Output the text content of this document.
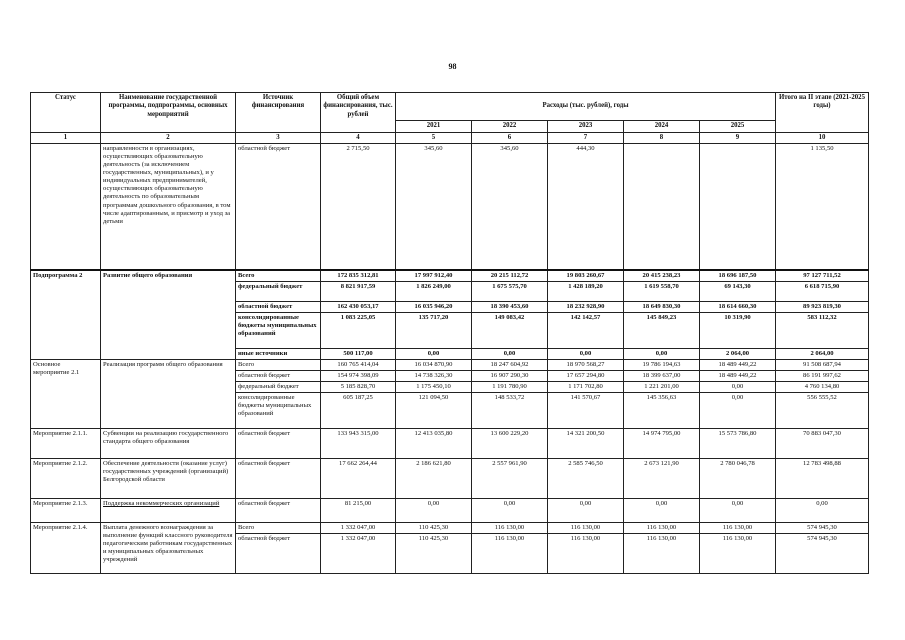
98
Статус	Наименование государственной программы, подпрограммы, основных мероприятий	Источник финансирования	Общий объем финансирования, тыс. рублей	Расходы (тыс. рублей), годы					Итого на II этапе (2021-2025 годы)
				2021	2022	2023	2024	2025	
1	2	3	4	5	6	7	8	9	10
	направленности в организациях, осуществляющих образовательную деятельность (за исключением государственных, муниципальных), и у индивидуальных предпринимателей, осуществляющих образовательную деятельность по образовательным программам дошкольного образования, в том числе адаптированным, и присмотр и уход за детьми	областной бюджет	2 715,50	345,60	345,60	444,30			1 135,50
Подпрограмма 2	Развитие общего образования	Всего	172 835 312,81	17 997 912,40	20 215 112,72	19 803 260,67	20 415 238,23	18 696 187,50	97 127 711,52
		федеральный бюджет	8 821 917,59	1 826 249,00	1 675 575,70	1 428 189,20	1 619 558,70	69 143,30	6 618 715,90
		областной бюджет	162 430 053,17	16 035 946,20	18 390 453,60	18 232 928,90	18 649 830,30	18 614 660,30	89 923 819,30
		консолидированные бюджеты муниципальных образований	1 083 225,05	135 717,20	149 083,42	142 142,57	145 849,23	10 319,90	583 112,32
		иные источники	500 117,00	0,00	0,00	0,00	0,00	2 064,00	2 064,00
Основное мероприятие 2.1	Реализация программ общего образования	Всего	160 765 414,04	16 034 870,90	18 247 604,92	18 970 568,27	19 786 194,63	18 489 449,22	91 508 687,94
		областной бюджет	154 974 398,09	14 738 326,30	16 907 290,30	17 657 294,80	18 399 637,00	18 489 449,22	86 191 997,62
		федеральный бюджет	5 185 828,70	1 175 450,10	1 191 780,90	1 171 702,80	1 221 201,00	0,00	4 760 134,80
		консолидированные бюджеты муниципальных образований	605 187,25	121 094,50	148 533,72	141 570,67	145 356,63	0,00	556 555,52
Мероприятие 2.1.1.	Субвенции на реализацию государственного стандарта общего образования	областной бюджет	133 943 315,00	12 413 035,80	13 600 229,20	14 321 200,50	14 974 795,00	15 573 786,80	70 883 047,30
Мероприятие 2.1.2.	Обеспечение деятельности (оказание услуг) государственных учреждений (организаций) Белгородской области	областной бюджет	17 662 264,44	2 186 621,80	2 557 961,90	2 585 746,50	2 673 121,90	2 780 046,78	12 783 498,88
Мероприятие 2.1.3.	Поддержка некоммерческих организаций	областной бюджет	81 215,00	0,00	0,00	0,00	0,00	0,00	0,00
Мероприятие 2.1.4.	Выплата денежного вознаграждения за выполнение функций классного руководителя педагогическим работникам государственных и муниципальных образовательных учреждений	Всего	1 332 047,00	110 425,30	116 130,00	116 130,00	116 130,00	116 130,00	574 945,30
		областной бюджет	1 332 047,00	110 425,30	116 130,00	116 130,00	116 130,00	116 130,00	574 945,30
